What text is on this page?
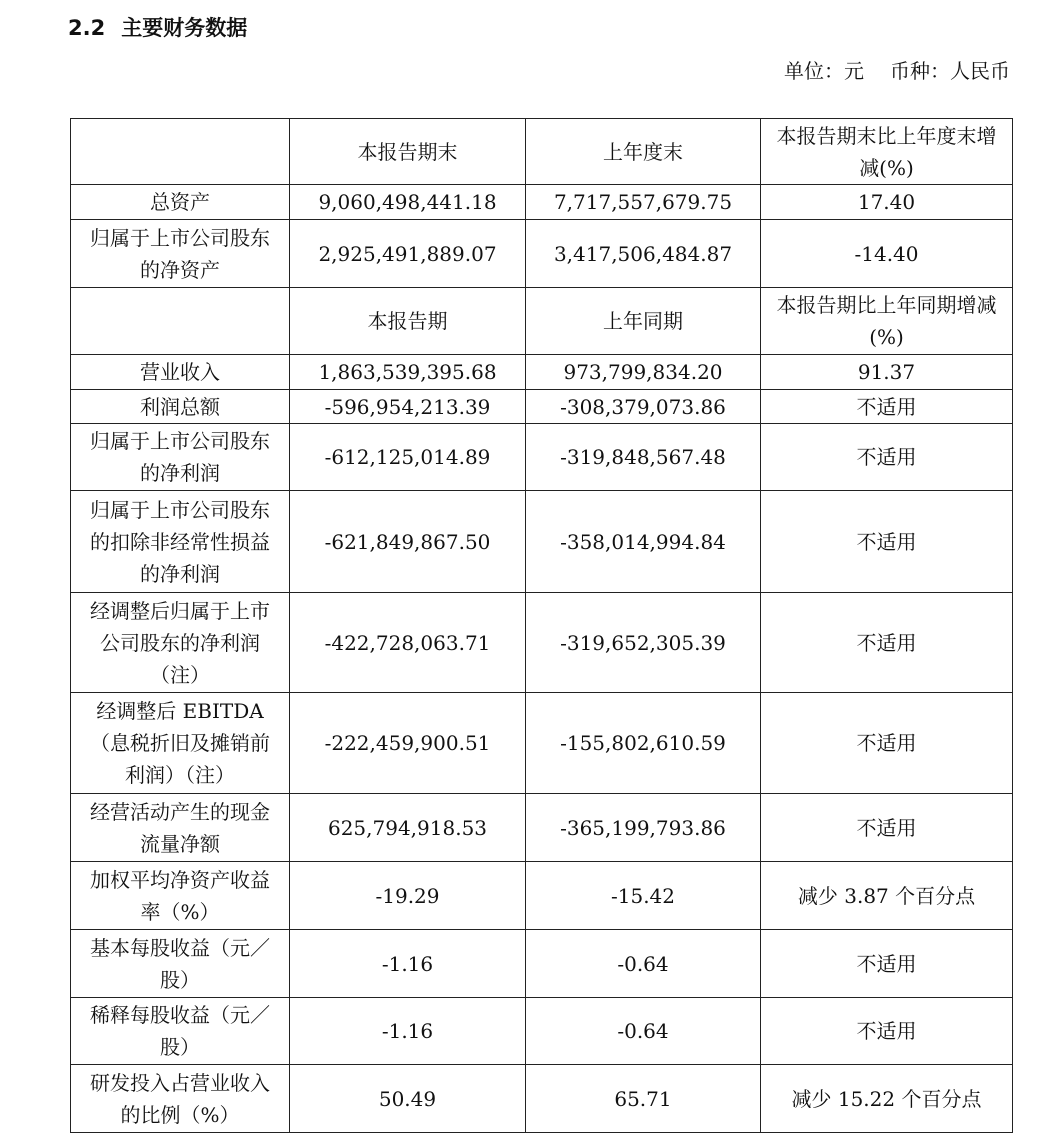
2.2 主要财务数据
单位：元 币种：人民币
	本报告期末	上年度末	本报告期末比上年度末增减(%)
总资产	9,060,498,441.18	7,717,557,679.75	17.40
归属于上市公司股东的净资产	2,925,491,889.07	3,417,506,484.87	-14.40
	本报告期	上年同期	本报告期比上年同期增减(%)
营业收入	1,863,539,395.68	973,799,834.20	91.37
利润总额	-596,954,213.39	-308,379,073.86	不适用
归属于上市公司股东的净利润	-612,125,014.89	-319,848,567.48	不适用
归属于上市公司股东的扣除非经常性损益的净利润	-621,849,867.50	-358,014,994.84	不适用
经调整后归属于上市公司股东的净利润（注）	-422,728,063.71	-319,652,305.39	不适用
经调整后 EBITDA（息税折旧及摊销前利润）（注）	-222,459,900.51	-155,802,610.59	不适用
经营活动产生的现金流量净额	625,794,918.53	-365,199,793.86	不适用
加权平均净资产收益率（%）	-19.29	-15.42	减少 3.87 个百分点
基本每股收益（元／股）	-1.16	-0.64	不适用
稀释每股收益（元／股）	-1.16	-0.64	不适用
研发投入占营业收入的比例（%）	50.49	65.71	减少 15.22 个百分点
